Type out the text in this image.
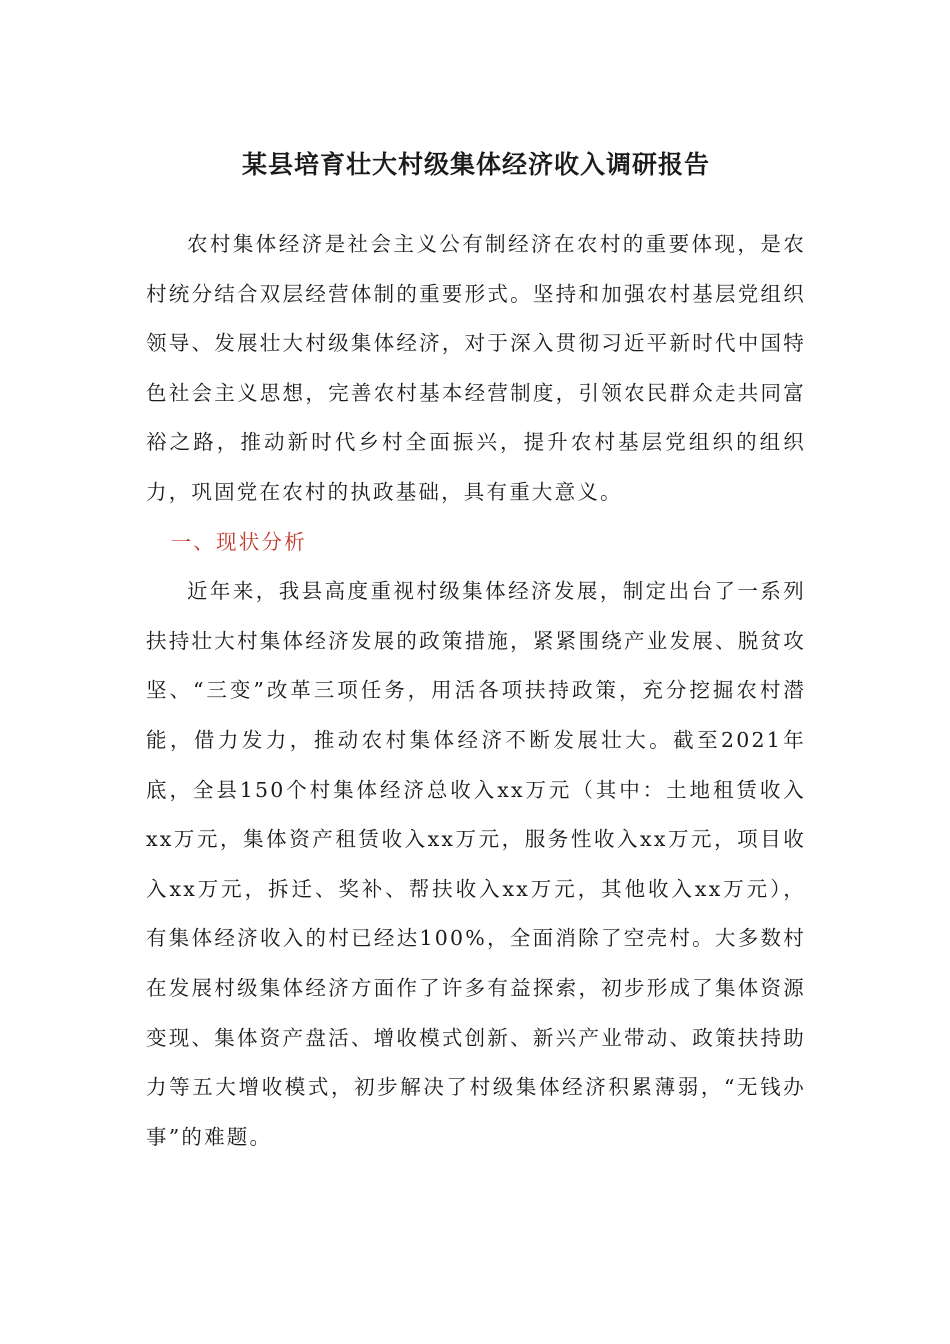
某县培育壮大村级集体经济收入调研报告

农村集体经济是社会主义公有制经济在农村的重要体现，是农村统分结合双层经营体制的重要形式。坚持和加强农村基层党组织领导、发展壮大村级集体经济，对于深入贯彻习近平新时代中国特色社会主义思想，完善农村基本经营制度，引领农民群众走共同富裕之路，推动新时代乡村全面振兴，提升农村基层党组织的组织力，巩固党在农村的执政基础，具有重大意义。

一、现状分析

近年来，我县高度重视村级集体经济发展，制定出台了一系列扶持壮大村集体经济发展的政策措施，紧紧围绕产业发展、脱贫攻坚、“三变”改革三项任务，用活各项扶持政策，充分挖掘农村潜能，借力发力，推动农村集体经济不断发展壮大。截至2021年底，全县150个村集体经济总收入xx万元（其中：土地租赁收入xx万元，集体资产租赁收入xx万元，服务性收入xx万元，项目收入xx万元，拆迁、奖补、帮扶收入xx万元，其他收入xx万元），有集体经济收入的村已经达100%，全面消除了空壳村。大多数村在发展村级集体经济方面作了许多有益探索，初步形成了集体资源变现、集体资产盘活、增收模式创新、新兴产业带动、政策扶持助力等五大增收模式，初步解决了村级集体经济积累薄弱，“无钱办事”的难题。
